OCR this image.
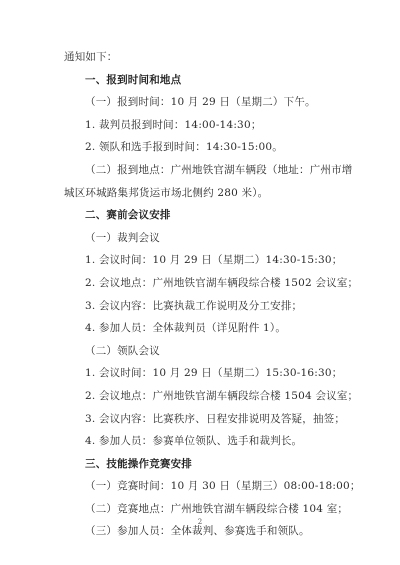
通知如下：
一、报到时间和地点
（一）报到时间：10 月 29 日（星期二）下午。
1. 裁判员报到时间：14:00-14:30；
2. 领队和选手报到时间：14:30-15:00。
（二）报到地点：广州地铁官湖车辆段（地址：广州市增
城区环城路集邦货运市场北侧约 280 米）。
二、赛前会议安排
（一）裁判会议
1. 会议时间：10 月 29 日（星期二）14:30-15:30；
2. 会议地点：广州地铁官湖车辆段综合楼 1502 会议室；
3. 会议内容：比赛执裁工作说明及分工安排；
4. 参加人员：全体裁判员（详见附件 1）。
（二）领队会议
1. 会议时间：10 月 29 日（星期二）15:30-16:30；
2. 会议地点：广州地铁官湖车辆段综合楼 1504 会议室；
3. 会议内容：比赛秩序、日程安排说明及答疑，抽签；
4. 参加人员：参赛单位领队、选手和裁判长。
三、技能操作竞赛安排
（一）竞赛时间：10 月 30 日（星期三）08:00-18:00；
（二）竞赛地点：广州地铁官湖车辆段综合楼 104 室；
（三）参加人员：全体裁判、参赛选手和领队。
2
